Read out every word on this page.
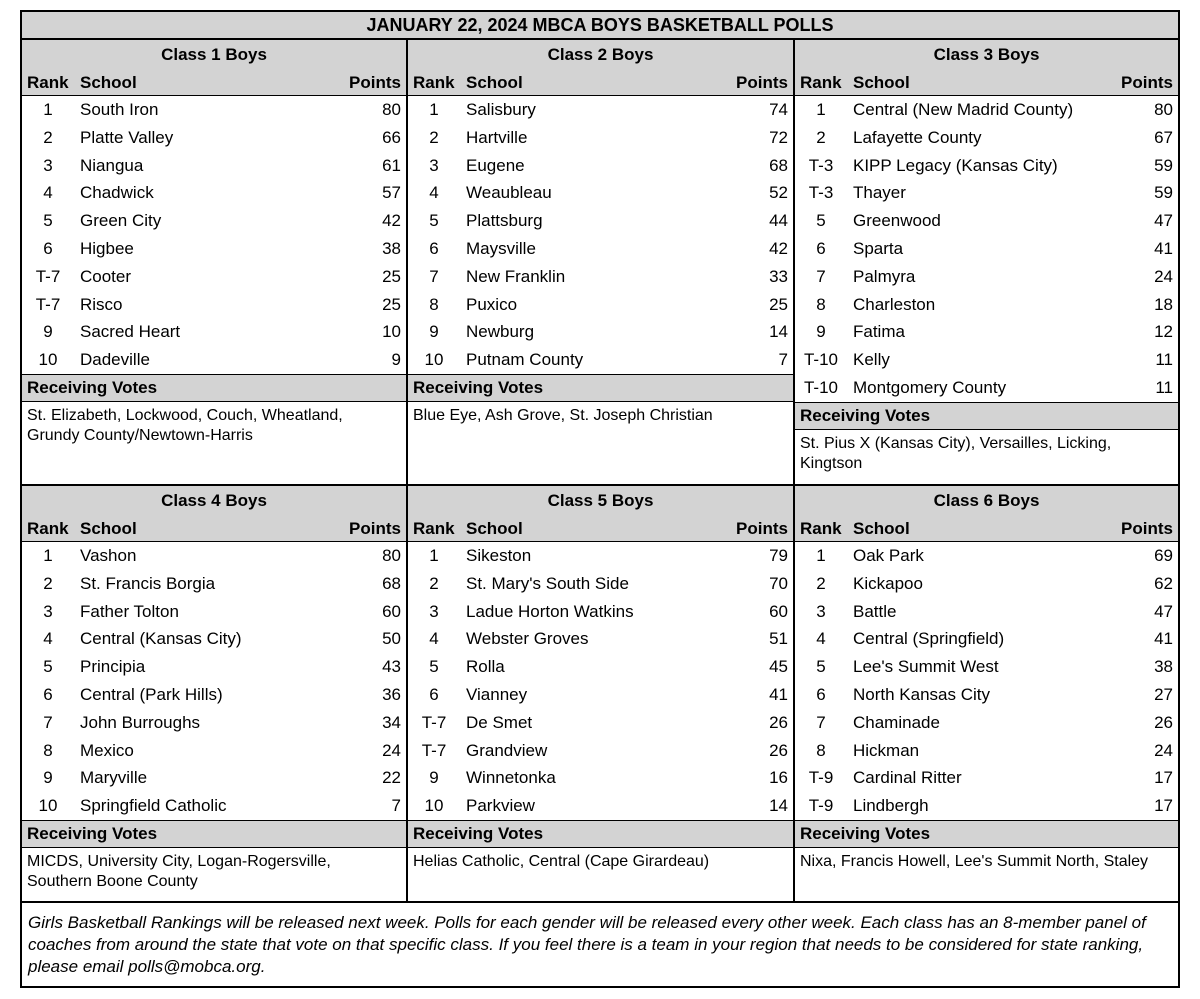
JANUARY 22, 2024 MBCA BOYS BASKETBALL POLLS
Class 1 Boys
Rank School	Points
1	South Iron	80
2	Platte Valley	66
3	Niangua	61
4	Chadwick	57
5	Green City	42
6	Higbee	38
T-7	Cooter	25
T-7	Risco	25
9	Sacred Heart	10
10	Dadeville	9
Receiving Votes
St. Elizabeth, Lockwood, Couch, Wheatland, Grundy County/Newtown-Harris
Class 2 Boys
Rank School	Points
1	Salisbury	74
2	Hartville	72
3	Eugene	68
4	Weaubleau	52
5	Plattsburg	44
6	Maysville	42
7	New Franklin	33
8	Puxico	25
9	Newburg	14
10	Putnam County	7
Receiving Votes
Blue Eye, Ash Grove, St. Joseph Christian
Class 3 Boys
Rank School	Points
1	Central (New Madrid County)	80
2	Lafayette County	67
T-3	KIPP Legacy (Kansas City)	59
T-3	Thayer	59
5	Greenwood	47
6	Sparta	41
7	Palmyra	24
8	Charleston	18
9	Fatima	12
T-10 Kelly	11
T-10 Montgomery County	11
Receiving Votes
St. Pius X (Kansas City), Versailles, Licking, Kingtson
Class 4 Boys
Rank School	Points
1	Vashon	80
2	St. Francis Borgia	68
3	Father Tolton	60
4	Central (Kansas City)	50
5	Principia	43
6	Central (Park Hills)	36
7	John Burroughs	34
8	Mexico	24
9	Maryville	22
10	Springfield Catholic	7
Receiving Votes
MICDS, University City, Logan-Rogersville, Southern Boone County
Class 5 Boys
Rank School	Points
1	Sikeston	79
2	St. Mary's South Side	70
3	Ladue Horton Watkins	60
4	Webster Groves	51
5	Rolla	45
6	Vianney	41
T-7	De Smet	26
T-7	Grandview	26
9	Winnetonka	16
10	Parkview	14
Receiving Votes
Helias Catholic, Central (Cape Girardeau)
Class 6 Boys
Rank School	Points
1	Oak Park	69
2	Kickapoo	62
3	Battle	47
4	Central (Springfield)	41
5	Lee's Summit West	38
6	North Kansas City	27
7	Chaminade	26
8	Hickman	24
T-9	Cardinal Ritter	17
T-9	Lindbergh	17
Receiving Votes
Nixa, Francis Howell, Lee's Summit North, Staley
Girls Basketball Rankings will be released next week. Polls for each gender will be released every other week. Each class has an 8-member panel of coaches from around the state that vote on that specific class. If you feel there is a team in your region that needs to be considered for state ranking, please email polls@mobca.org.
